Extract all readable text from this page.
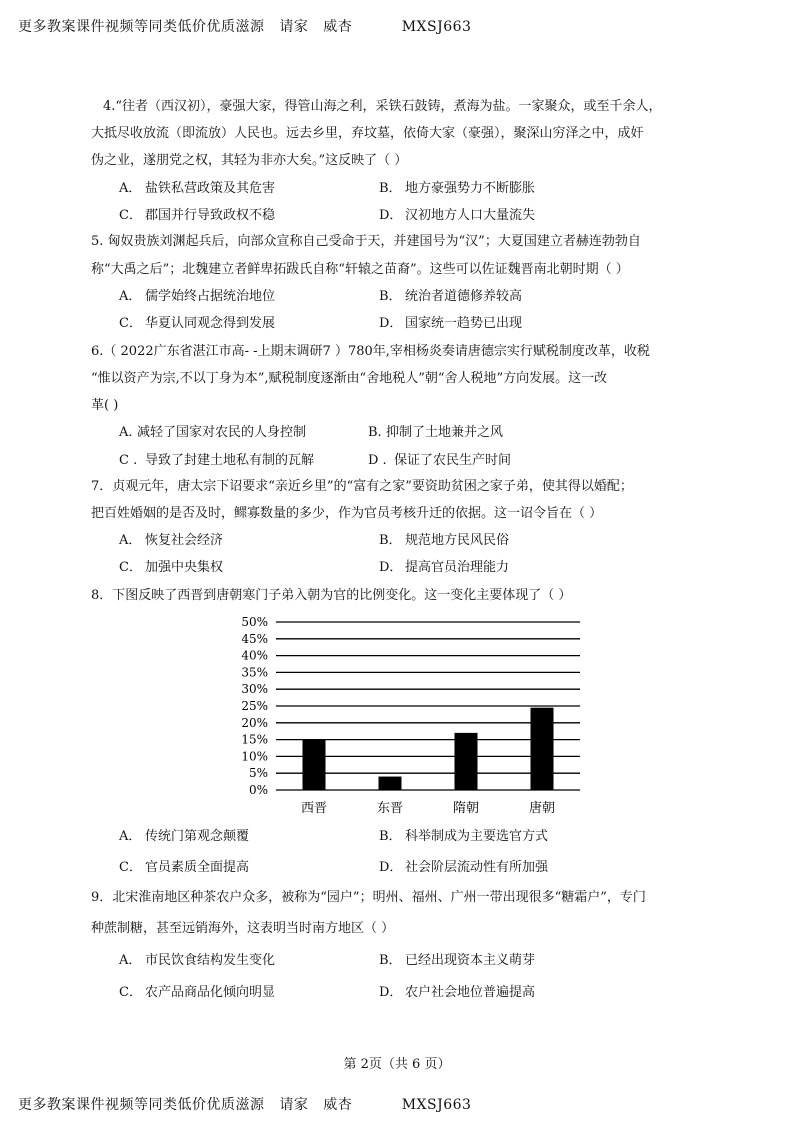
更多教案课件视频等同类低价优质滋源   请家   威杏          MXSJ663
4.“往者（西汉初），豪强大家，得管山海之利，采铁石鼓铸，煮海为盐。一家聚众，或至千余人，
大抵尽收放流（即流放）人民也。远去乡里，弃坟墓，依倚大家（豪强），聚深山穷泽之中，成奸
伪之业，遂朋党之权，其轻为非亦大矣。”这反映了（ ）
A． 盐铁私营政策及其危害	B． 地方豪强势力不断膨胀
C． 郡国并行导致政权不稳	D． 汉初地方人口大量流失
5. 匈奴贵族刘渊起兵后，向部众宣称自己受命于天，并建国号为“汉”；大夏国建立者赫连勃勃自
称“大禹之后”；北魏建立者鲜卑拓跋氏自称“轩辕之苗裔”。这些可以佐证魏晋南北朝时期（ ）
A． 儒学始终占据统治地位	B． 统治者道德修养较高
C． 华夏认同观念得到发展	D． 国家统一趋势已出现
6.（ 2022广东省湛江市高- -上期末调研7 ）780年,宰相杨炎奏请唐德宗实行赋税制度改革，收税
“惟以资产为宗,不以丁身为本”,赋税制度逐渐由“舍地税人”朝“舍人税地”方向发展。这一改
革( )
A. 减轻了国家对农民的人身控制	B. 抑制了土地兼并之风
C . 导致了封建土地私有制的瓦解	D . 保证了农民生产时间
7．贞观元年，唐太宗下诏要求“亲近乡里”的“富有之家”要资助贫困之家子弟，使其得以婚配；
把百姓婚姻的是否及时，鳏寡数量的多少，作为官员考核升迁的依据。这一诏令旨在（ ）
A． 恢复社会经济	B． 规范地方民风民俗
C． 加强中央集权	D． 提高官员治理能力
8．下图反映了西晋到唐朝寒门子弟入朝为官的比例变化。这一变化主要体现了（ ）
0%
5%
10%
15%
20%
25%
30%
35%
40%
45%
50%
西晋	东晋	隋朝	唐朝
A． 传统门第观念颠覆	B． 科举制成为主要选官方式
C． 官员素质全面提高	D． 社会阶层流动性有所加强
9．北宋淮南地区种茶农户众多，被称为“园户”；明州、福州、广州一带出现很多“糖霜户”，专门
种蔗制糖，甚至远销海外，这表明当时南方地区（ ）
A． 市民饮食结构发生变化	B． 已经出现资本主义萌芽
C． 农产品商品化倾向明显	D． 农户社会地位普遍提高
第 2页（共 6 页）
更多教案课件视频等同类低价优质滋源   请家   威杏          MXSJ663
